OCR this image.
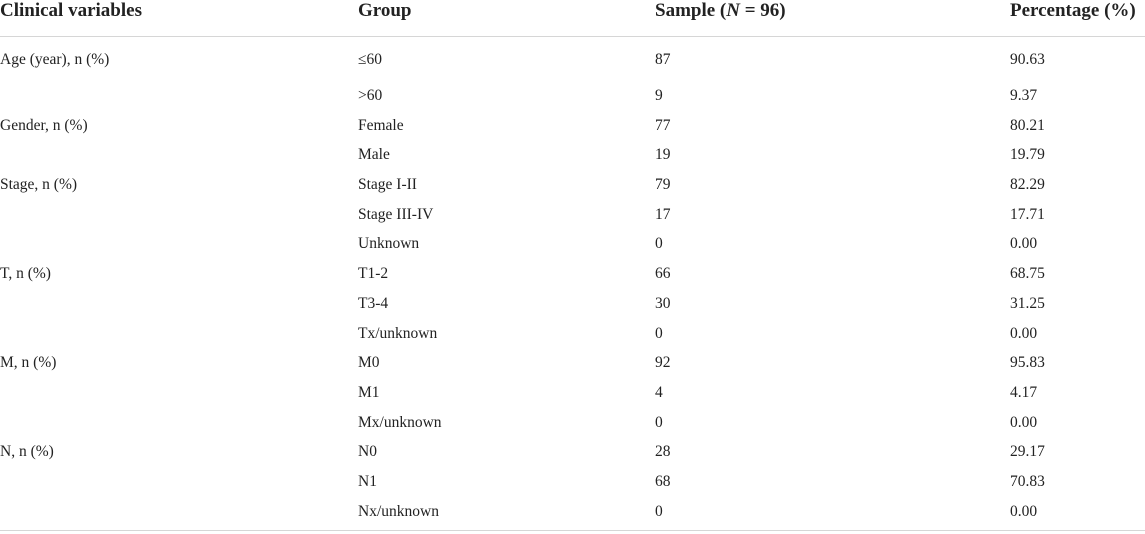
Clinical variables	Group	Sample (N = 96)	Percentage (%)

Age (year), n (%)	≤60	87	90.63
	>60	9	9.37
Gender, n (%)	Female	77	80.21
	Male	19	19.79
Stage, n (%)	Stage I-II	79	82.29
	Stage III-IV	17	17.71
	Unknown	0	0.00
T, n (%)	T1-2	66	68.75
	T3-4	30	31.25
	Tx/unknown	0	0.00
M, n (%)	M0	92	95.83
	M1	4	4.17
	Mx/unknown	0	0.00
N, n (%)	N0	28	29.17
	N1	68	70.83
	Nx/unknown	0	0.00
